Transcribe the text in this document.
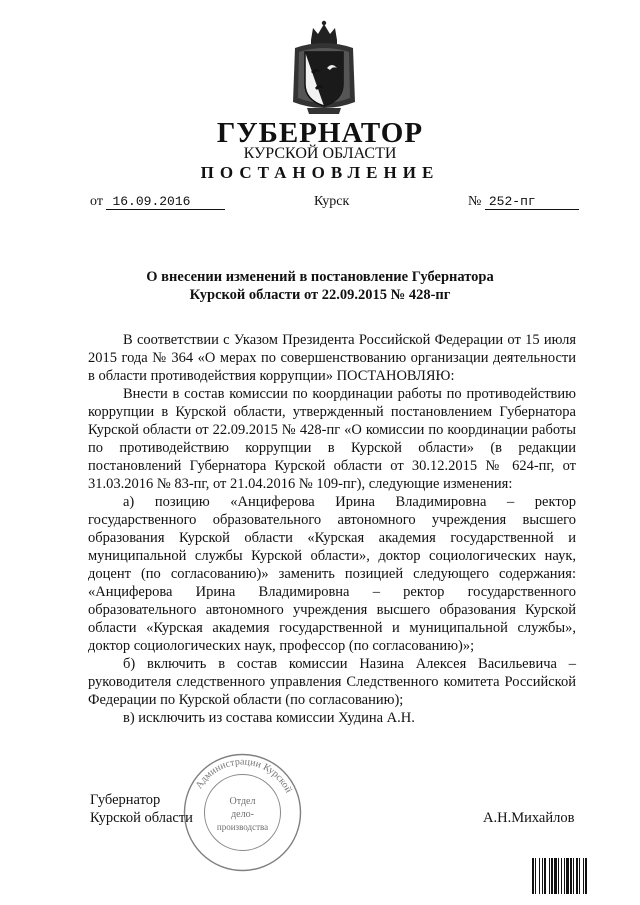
ГУБЕРНАТОР
КУРСКОЙ ОБЛАСТИ
ПОСТАНОВЛЕНИЕ
от 16.09.2016	Курск	№ 252-пг
О внесении изменений в постановление Губернатора
Курской области от 22.09.2015 № 428-пг

В соответствии с Указом Президента Российской Федерации от 15 июля 2015 года № 364 «О мерах по совершенствованию организации деятельности в области противодействия коррупции» ПОСТАНОВЛЯЮ:

Внести в состав комиссии по координации работы по противодействию коррупции в Курской области, утвержденный постановлением Губернатора Курской области от 22.09.2015 № 428-пг «О комиссии по координации работы по противодействию коррупции в Курской области» (в редакции постановлений Губернатора Курской области от 30.12.2015 № 624-пг, от 31.03.2016 № 83-пг, от 21.04.2016 № 109-пг), следующие изменения:

а) позицию «Анциферова Ирина Владимировна – ректор государственного образовательного автономного учреждения высшего образования Курской области «Курская академия государственной и муниципальной службы Курской области», доктор социологических наук, доцент (по согласованию)» заменить позицией следующего содержания: «Анциферова Ирина Владимировна – ректор государственного образовательного автономного учреждения высшего образования Курской области «Курская академия государственной и муниципальной службы», доктор социологических наук, профессор (по согласованию)»;

б) включить в состав комиссии Назина Алексея Васильевича – руководителя следственного управления Следственного комитета Российской Федерации по Курской области (по согласованию);

в) исключить из состава комиссии Худина А.Н.

Губернатор
Курской области	А.Н.Михайлов
Администрации Курской
Отдел
дело-
производства
